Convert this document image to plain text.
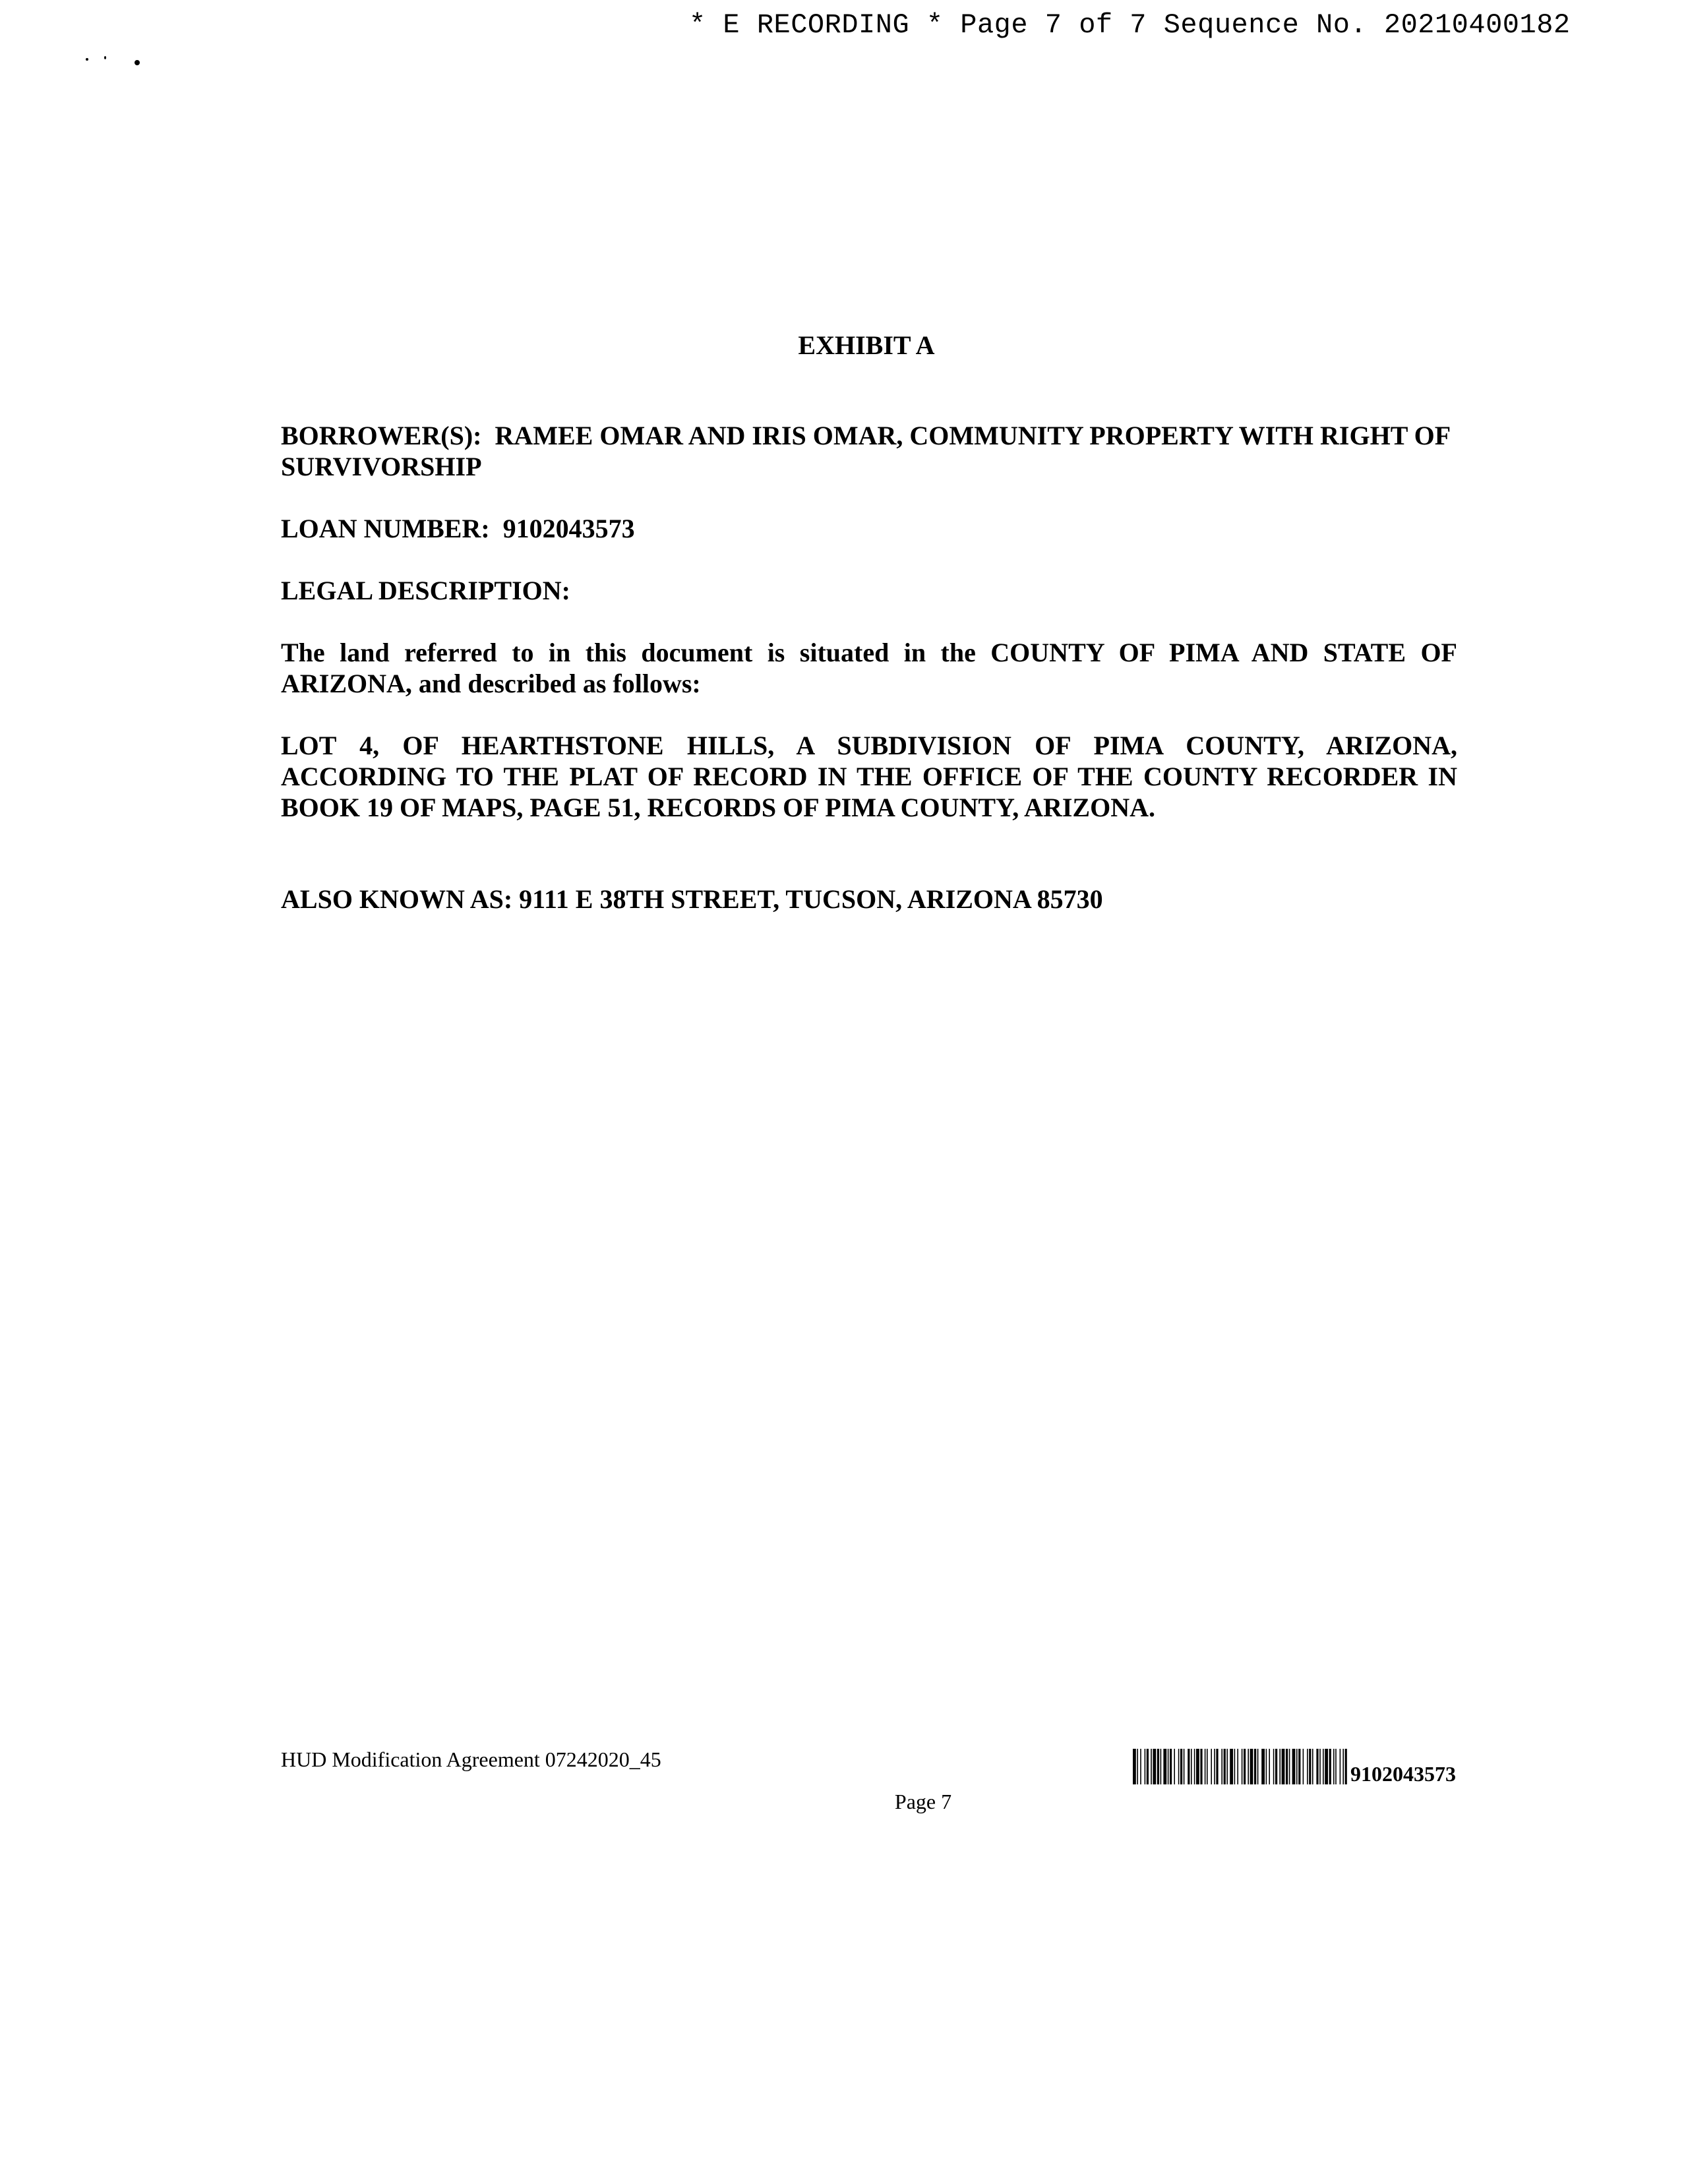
* E RECORDING * Page 7 of 7 Sequence No. 20210400182
EXHIBIT A

BORROWER(S): RAMEE OMAR AND IRIS OMAR, COMMUNITY PROPERTY WITH RIGHT OF SURVIVORSHIP

LOAN NUMBER: 9102043573

LEGAL DESCRIPTION:

The land referred to in this document is situated in the COUNTY OF PIMA AND STATE OF ARIZONA, and described as follows:

LOT 4, OF HEARTHSTONE HILLS, A SUBDIVISION OF PIMA COUNTY, ARIZONA, ACCORDING TO THE PLAT OF RECORD IN THE OFFICE OF THE COUNTY RECORDER IN BOOK 19 OF MAPS, PAGE 51, RECORDS OF PIMA COUNTY, ARIZONA.

ALSO KNOWN AS: 9111 E 38TH STREET, TUCSON, ARIZONA 85730

HUD Modification Agreement 07242020_45
9102043573
Page 7
